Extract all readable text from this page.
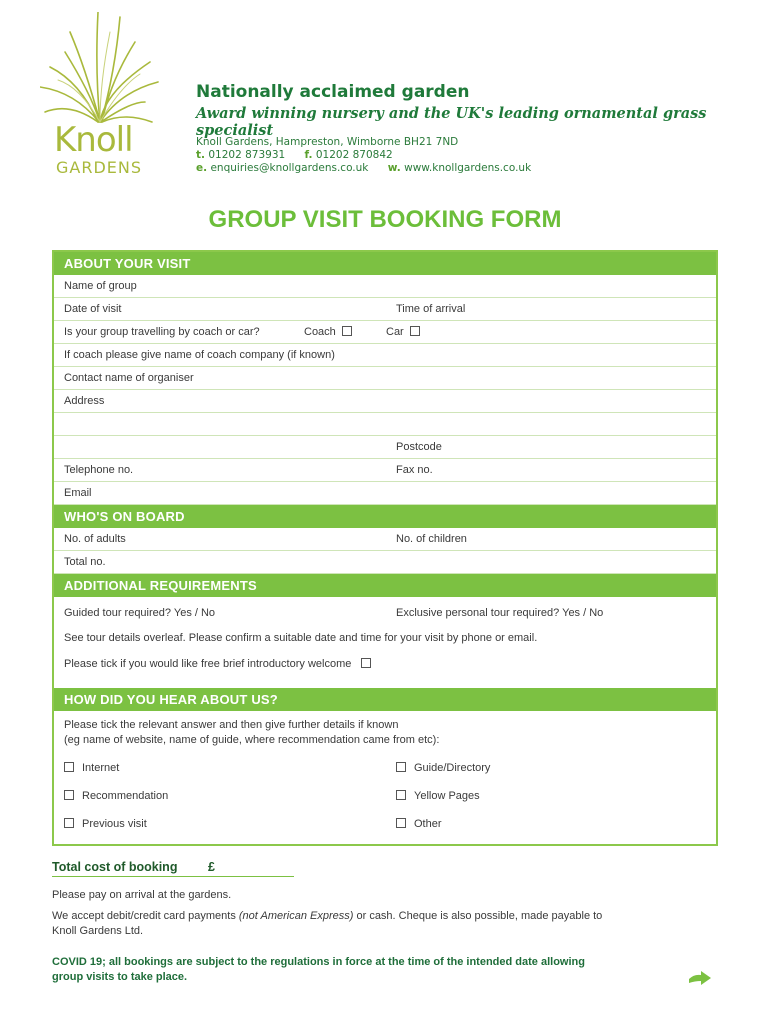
Knoll
GARDENS
Nationally acclaimed garden
Award winning nursery and the UK's leading ornamental grass specialist
Knoll Gardens, Hampreston, Wimborne BH21 7ND
t. 01202 873931 f. 01202 870842
e. enquiries@knollgardens.co.uk w. www.knollgardens.co.uk
GROUP VISIT BOOKING FORM
ABOUT YOUR VISIT
Name of group
Date of visit	Time of arrival
Is your group travelling by coach or car?	Coach	Car
If coach please give name of coach company (if known)
Contact name of organiser
Address
Postcode
Telephone no.	Fax no.
Email
WHO'S ON BOARD
No. of adults	No. of children
Total no.
ADDITIONAL REQUIREMENTS
Guided tour required? Yes / No	Exclusive personal tour required? Yes / No
See tour details overleaf. Please confirm a suitable date and time for your visit by phone or email.
Please tick if you would like free brief introductory welcome
HOW DID YOU HEAR ABOUT US?
Please tick the relevant answer and then give further details if known
(eg name of website, name of guide, where recommendation came from etc):
Internet	Guide/Directory
Recommendation	Yellow Pages
Previous visit	Other
Total cost of booking £
Please pay on arrival at the gardens.
We accept debit/credit card payments (not American Express) or cash. Cheque is also possible, made payable to
Knoll Gardens Ltd.
COVID 19; all bookings are subject to the regulations in force at the time of the intended date allowing
group visits to take place.
